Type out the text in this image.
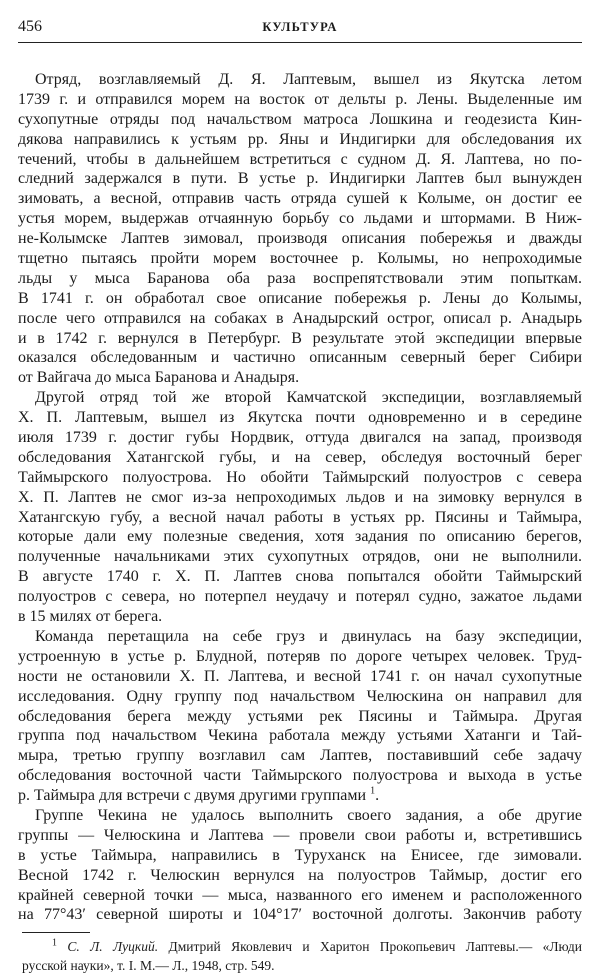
456	КУЛЬТУРА
Отряд, возглавляемый Д. Я. Лаптевым, вышел из Якутска летом
1739 г. и отправился морем на восток от дельты р. Лены. Выделенные им
сухопутные отряды под начальством матроса Лошкина и геодезиста Кин-
дякова направились к устьям рр. Яны и Индигирки для обследования их
течений, чтобы в дальнейшем встретиться с судном Д. Я. Лаптева, но по-
следний задержался в пути. В устье р. Индигирки Лаптев был вынужден
зимовать, а весной, отправив часть отряда сушей к Колыме, он достиг ее
устья морем, выдержав отчаянную борьбу со льдами и штормами. В Ниж-
не-Колымске Лаптев зимовал, производя описания побережья и дважды
тщетно пытаясь пройти морем восточнее р. Колымы, но непроходимые
льды у мыса Баранова оба раза воспрепятствовали этим попыткам.
В 1741 г. он обработал свое описание побережья р. Лены до Колымы,
после чего отправился на собаках в Анадырский острог, описал р. Анадырь
и в 1742 г. вернулся в Петербург. В результате этой экспедиции впервые
оказался обследованным и частично описанным северный берег Сибири
от Вайгача до мыса Баранова и Анадыря.
Другой отряд той же второй Камчатской экспедиции, возглавляемый
Х. П. Лаптевым, вышел из Якутска почти одновременно и в середине
июля 1739 г. достиг губы Нордвик, оттуда двигался на запад, производя
обследования Хатангской губы, и на север, обследуя восточный берег
Таймырского полуострова. Но обойти Таймырский полуостров с севера
Х. П. Лаптев не смог из-за непроходимых льдов и на зимовку вернулся в
Хатангскую губу, а весной начал работы в устьях рр. Пясины и Таймыра,
которые дали ему полезные сведения, хотя задания по описанию берегов,
полученные начальниками этих сухопутных отрядов, они не выполнили.
В августе 1740 г. Х. П. Лаптев снова попытался обойти Таймырский
полуостров с севера, но потерпел неудачу и потерял судно, зажатое льдами
в 15 милях от берега.
Команда перетащила на себе груз и двинулась на базу экспедиции,
устроенную в устье р. Блудной, потеряв по дороге четырех человек. Труд-
ности не остановили Х. П. Лаптева, и весной 1741 г. он начал сухопутные
исследования. Одну группу под начальством Челюскина он направил для
обследования берега между устьями рек Пясины и Таймыра. Другая
группа под начальством Чекина работала между устьями Хатанги и Тай-
мыра, третью группу возглавил сам Лаптев, поставивший себе задачу
обследования восточной части Таймырского полуострова и выхода в устье
р. Таймыра для встречи с двумя другими группами $^1$.
Группе Чекина не удалось выполнить своего задания, а обе другие
группы — Челюскина и Лаптева — провели свои работы и, встретившись
в устье Таймыра, направились в Туруханск на Енисее, где зимовали.
Весной 1742 г. Челюскин вернулся на полуостров Таймыр, достиг его
крайней северной точки — мыса, названного его именем и расположенного
на 77°43′ северной широты и 104°17′ восточной долготы. Закончив работу
$^1$ С. Л. Луцкий. Дмитрий Яковлевич и Харитон Прокопьевич Лаптевы.— «Люди
русской науки», т. I. М.— Л., 1948, стр. 549.
